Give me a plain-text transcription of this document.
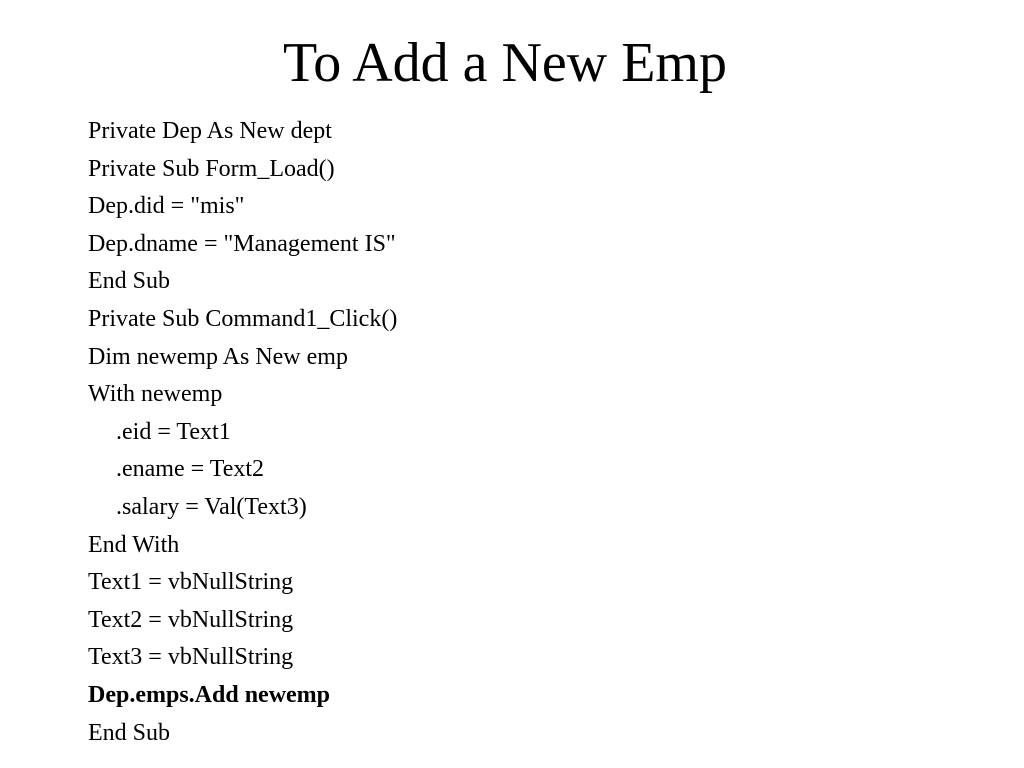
To Add a New Emp
Private Dep As New dept
Private Sub Form_Load()
Dep.did = "mis"
Dep.dname = "Management IS"
End Sub
Private Sub Command1_Click()
Dim newemp As New emp
With newemp
.eid = Text1
.ename = Text2
.salary = Val(Text3)
End With
Text1 = vbNullString
Text2 = vbNullString
Text3 = vbNullString
Dep.emps.Add newemp
End Sub
